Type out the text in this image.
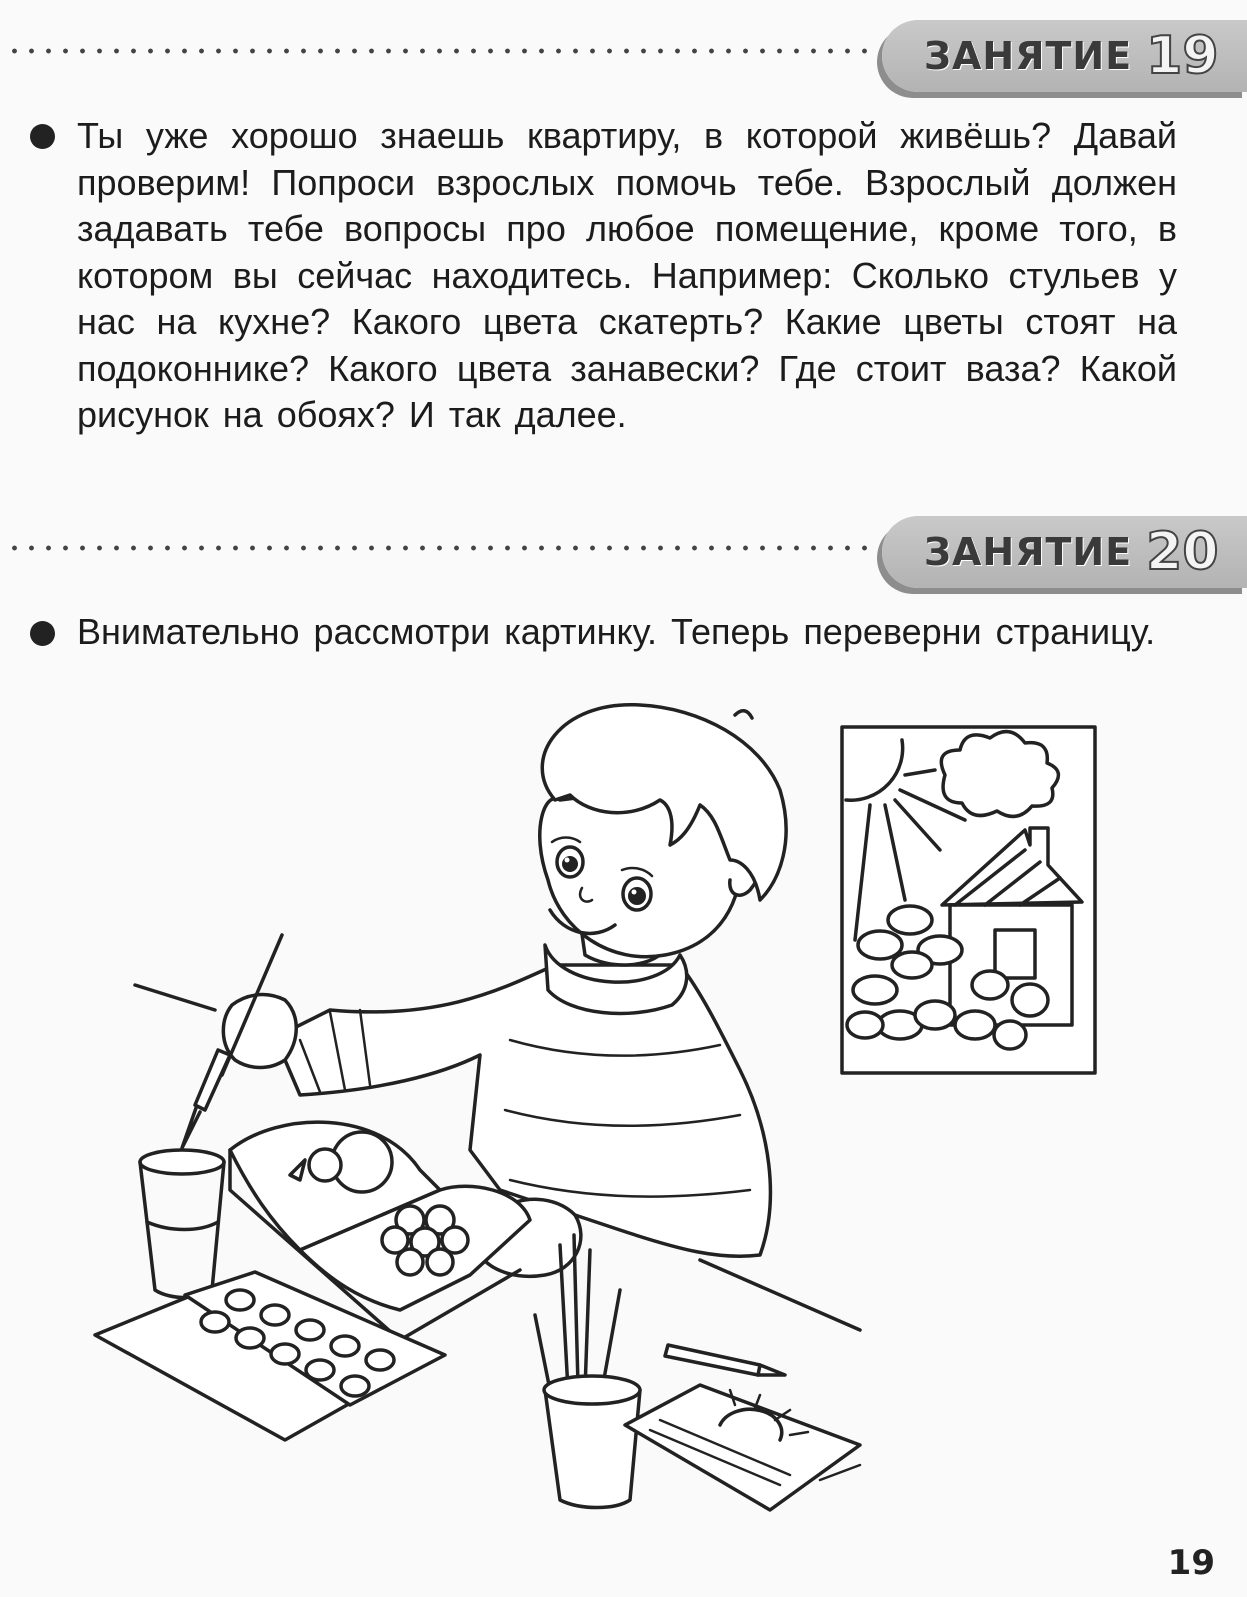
ЗАНЯТИЕ 19
Ты уже хорошо знаешь квартиру, в которой живёшь? Давай проверим! Попроси взрослых помочь тебе. Взрослый должен задавать тебе вопросы про любое помещение, кроме того, в котором вы сейчас находитесь. Например: Сколько стульев у нас на кухне? Какого цвета скатерть? Какие цветы стоят на подоконнике? Какого цвета занавески? Где стоит ваза? Какой рисунок на обоях? И так далее.
ЗАНЯТИЕ 20
Внимательно рассмотри картинку. Теперь переверни страницу.
19
